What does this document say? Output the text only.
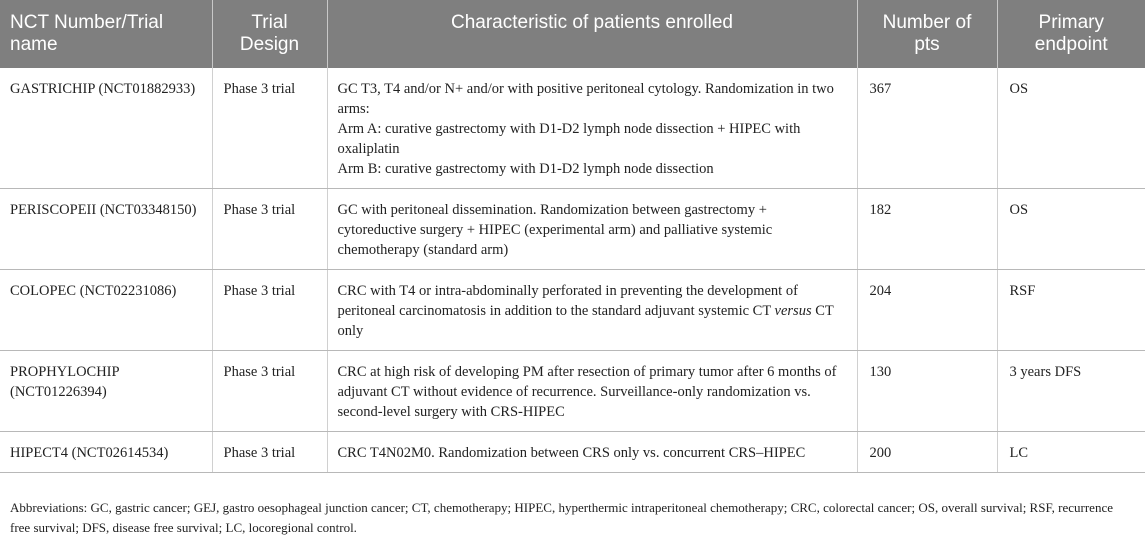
NCT Number/Trial name	Trial Design	Characteristic of patients enrolled	Number of pts	Primary endpoint
GASTRICHIP (NCT01882933)	Phase 3 trial	GC T3, T4 and/or N+ and/or with positive peritoneal cytology. Randomization in two arms:
Arm A: curative gastrectomy with D1-D2 lymph node dissection + HIPEC with oxaliplatin
Arm B: curative gastrectomy with D1-D2 lymph node dissection	367	OS
PERISCOPEII (NCT03348150)	Phase 3 trial	GC with peritoneal dissemination. Randomization between gastrectomy + cytoreductive surgery + HIPEC (experimental arm) and palliative systemic chemotherapy (standard arm)	182	OS
COLOPEC (NCT02231086)	Phase 3 trial	CRC with T4 or intra-abdominally perforated in preventing the development of peritoneal carcinomatosis in addition to the standard adjuvant systemic CT versus CT only	204	RSF
PROPHYLOCHIP (NCT01226394)	Phase 3 trial	CRC at high risk of developing PM after resection of primary tumor after 6 months of adjuvant CT without evidence of recurrence. Surveillance-only randomization vs. second-level surgery with CRS-HIPEC	130	3 years DFS
HIPECT4 (NCT02614534)	Phase 3 trial	CRC T4N02M0. Randomization between CRS only vs. concurrent CRS–HIPEC	200	LC
Abbreviations: GC, gastric cancer; GEJ, gastro oesophageal junction cancer; CT, chemotherapy; HIPEC, hyperthermic intraperitoneal chemotherapy; CRC, colorectal cancer; OS, overall survival; RSF, recurrence free survival; DFS, disease free survival; LC, locoregional control.
